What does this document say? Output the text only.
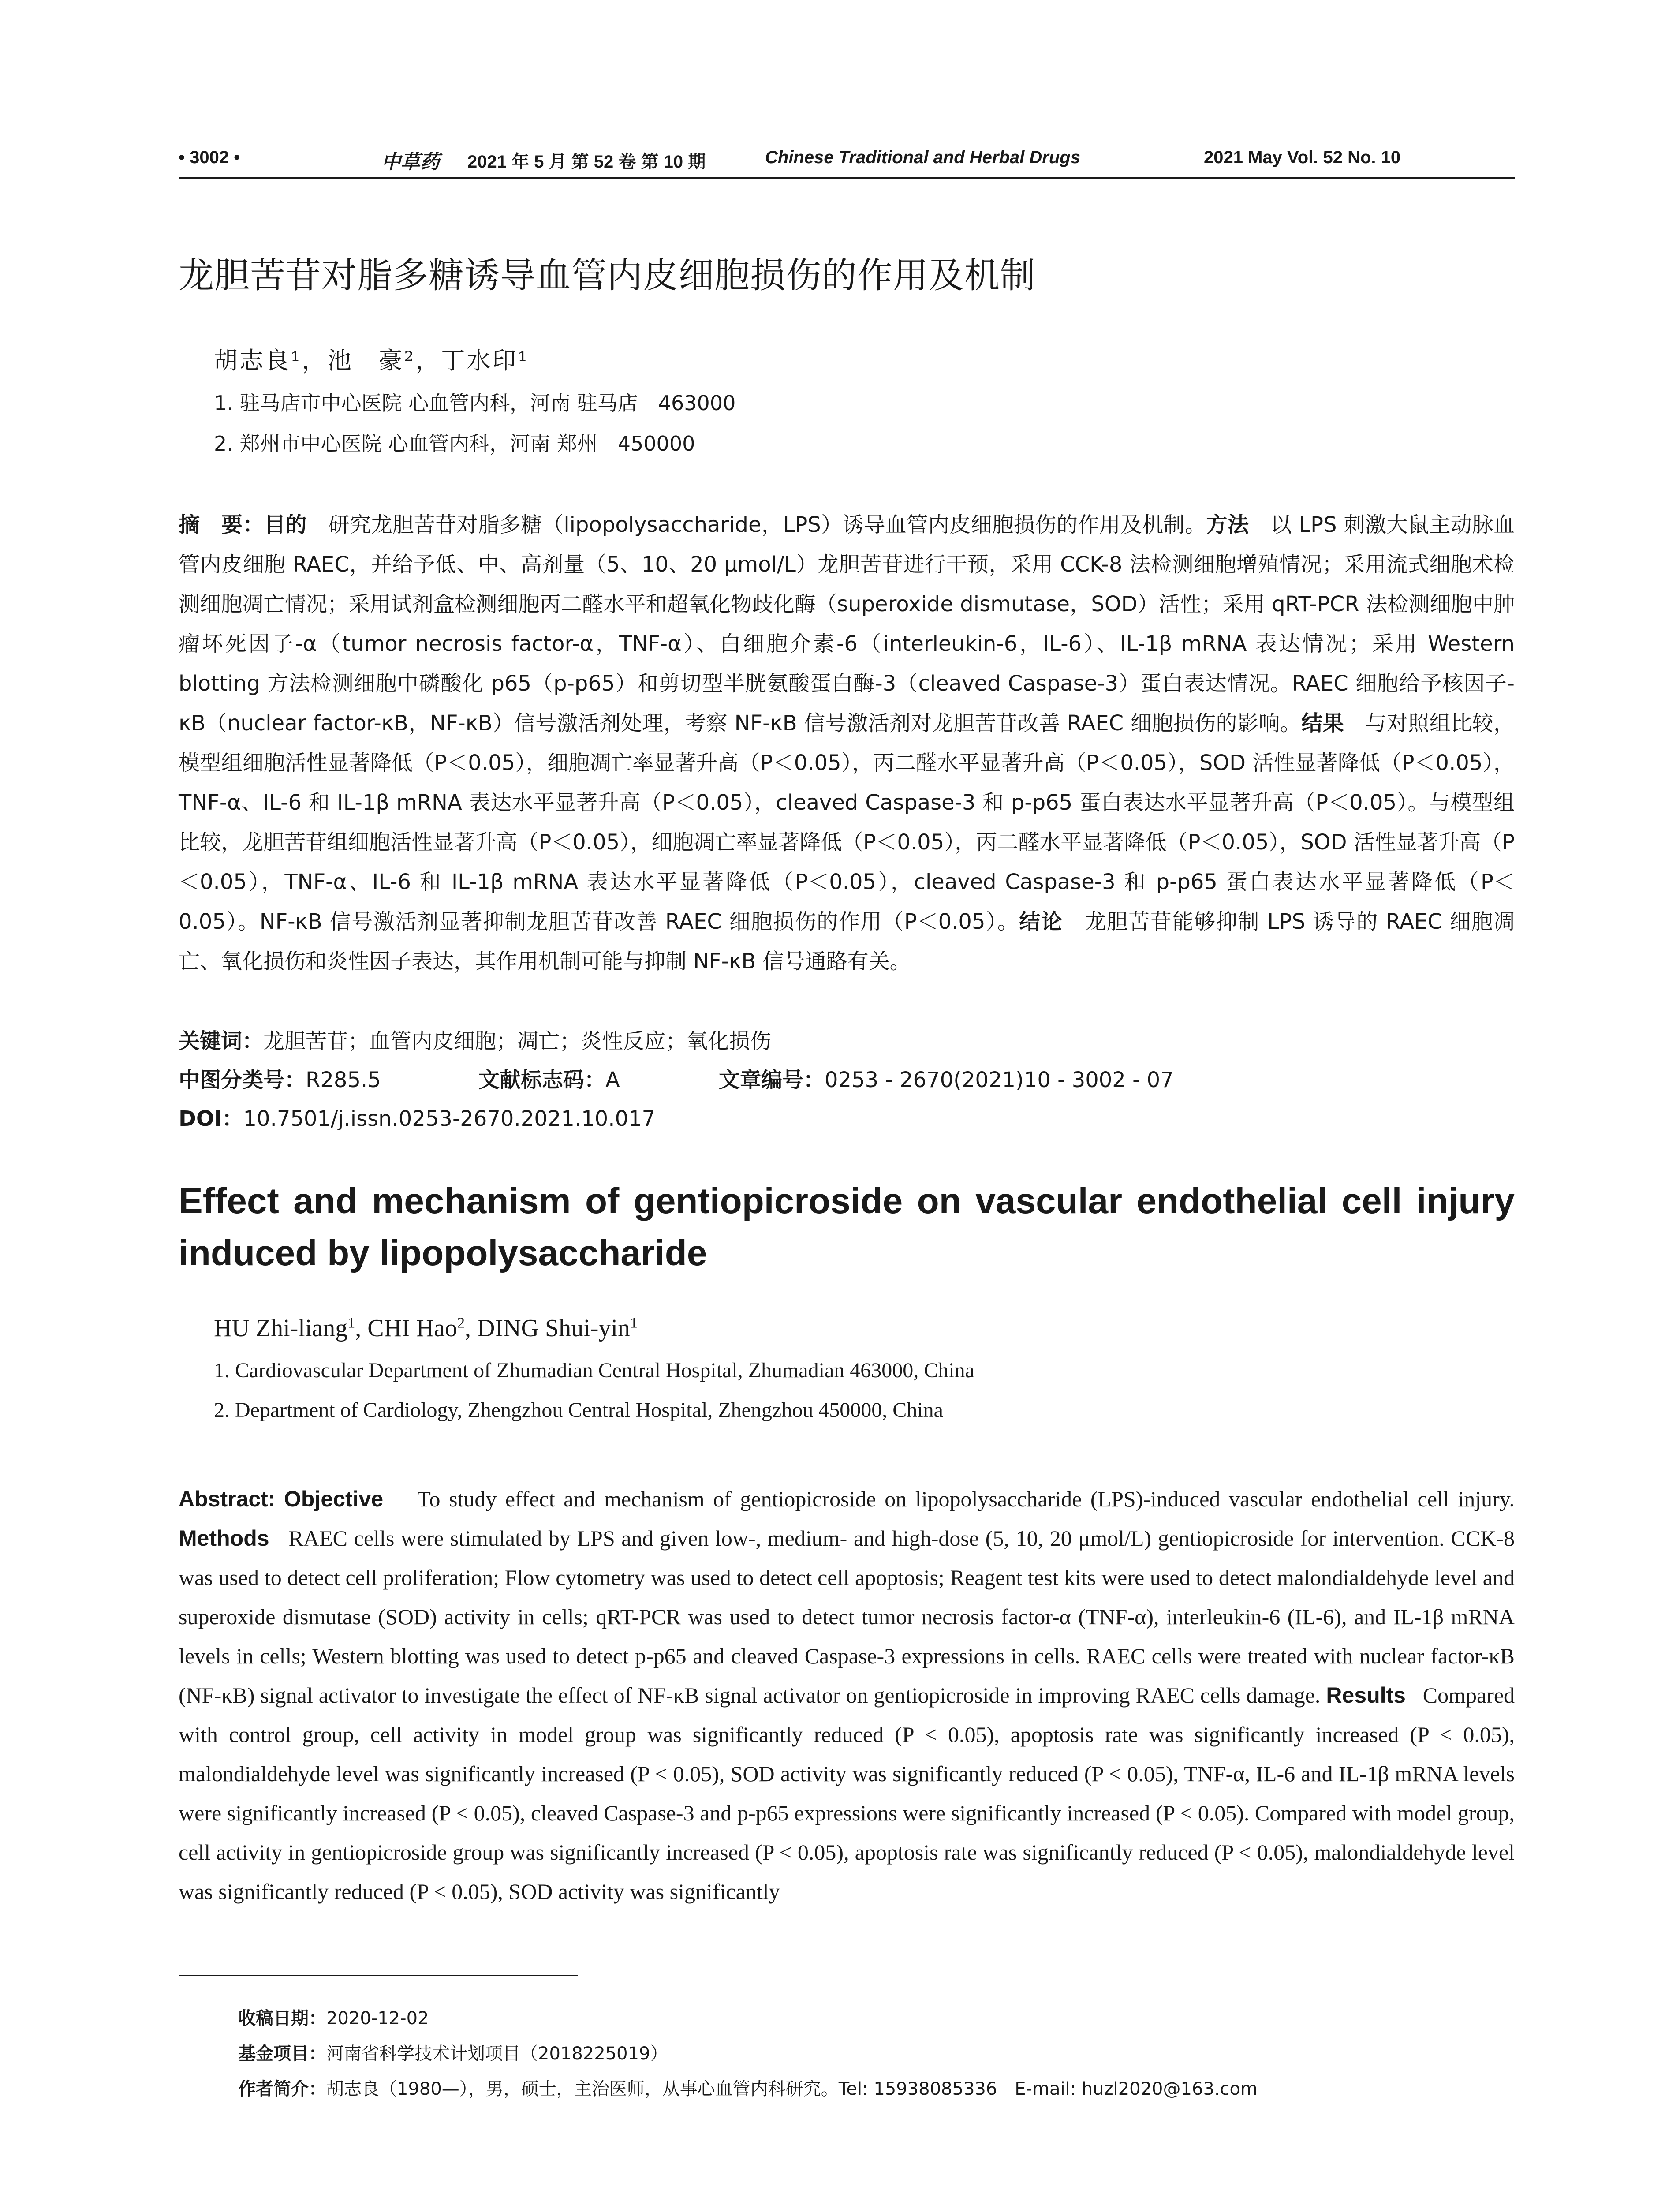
• 3002 •	中草药 2021 年 5 月 第 52 卷 第 10 期	Chinese Traditional and Herbal Drugs	2021 May Vol. 52 No. 10
龙胆苦苷对脂多糖诱导血管内皮细胞损伤的作用及机制
胡志良¹，池　豪²，丁水印¹
1. 驻马店市中心医院 心血管内科，河南 驻马店　463000
2. 郑州市中心医院 心血管内科，河南 郑州　450000
摘　要：目的　 研究龙胆苦苷对脂多糖（lipopolysaccharide，LPS）诱导血管内皮细胞损伤的作用及机制。方法　 以 LPS 刺激大鼠主动脉血管内皮细胞 RAEC，并给予低、中、高剂量（5、10、20 μmol/L）龙胆苦苷进行干预，采用 CCK-8 法检测细胞增殖情况；采用流式细胞术检测细胞凋亡情况；采用试剂盒检测细胞丙二醛水平和超氧化物歧化酶（superoxide dismutase，SOD）活性；采用 qRT-PCR 法检测细胞中肿瘤坏死因子-α（tumor necrosis factor-α，TNF-α）、白细胞介素-6（interleukin-6，IL-6）、IL-1β mRNA 表达情况；采用 Western blotting 方法检测细胞中磷酸化 p65（p-p65）和剪切型半胱氨酸蛋白酶-3（cleaved Caspase-3）蛋白表达情况。RAEC 细胞给予核因子-κB（nuclear factor-κB，NF-κB）信号激活剂处理，考察 NF-κB 信号激活剂对龙胆苦苷改善 RAEC 细胞损伤的影响。结果　 与对照组比较，模型组细胞活性显著降低（P＜0.05），细胞凋亡率显著升高（P＜0.05），丙二醛水平显著升高（P＜0.05），SOD 活性显著降低（P＜0.05），TNF-α、IL-6 和 IL-1β mRNA 表达水平显著升高（P＜0.05），cleaved Caspase-3 和 p-p65 蛋白表达水平显著升高（P＜0.05）。与模型组比较，龙胆苦苷组细胞活性显著升高（P＜0.05），细胞凋亡率显著降低（P＜0.05），丙二醛水平显著降低（P＜0.05），SOD 活性显著升高（P＜0.05），TNF-α、IL-6 和 IL-1β mRNA 表达水平显著降低（P＜0.05），cleaved Caspase-3 和 p-p65 蛋白表达水平显著降低（P＜0.05）。NF-κB 信号激活剂显著抑制龙胆苦苷改善 RAEC 细胞损伤的作用（P＜0.05）。结论　 龙胆苦苷能够抑制 LPS 诱导的 RAEC 细胞凋亡、氧化损伤和炎性因子表达，其作用机制可能与抑制 NF-κB 信号通路有关。
关键词：龙胆苦苷；血管内皮细胞；凋亡；炎性反应；氧化损伤
中图分类号：R285.5	文献标志码：A	文章编号：0253 - 2670(2021)10 - 3002 - 07
DOI：10.7501/j.issn.0253-2670.2021.10.017
Effect and mechanism of gentiopicroside on vascular endothelial cell injury
induced by lipopolysaccharide
HU Zhi-liang$^1$, CHI Hao$^2$, DING Shui-yin$^1$
1. Cardiovascular Department of Zhumadian Central Hospital, Zhumadian 463000, China
2. Department of Cardiology, Zhengzhou Central Hospital, Zhengzhou 450000, China
Abstract: Objective To study effect and mechanism of gentiopicroside on lipopolysaccharide (LPS)-induced vascular endothelial cell injury. Methods RAEC cells were stimulated by LPS and given low-, medium- and high-dose (5, 10, 20 μmol/L) gentiopicroside for intervention. CCK-8 was used to detect cell proliferation; Flow cytometry was used to detect cell apoptosis; Reagent test kits were used to detect malondialdehyde level and superoxide dismutase (SOD) activity in cells; qRT-PCR was used to detect tumor necrosis factor-α (TNF-α), interleukin-6 (IL-6), and IL-1β mRNA levels in cells; Western blotting was used to detect p-p65 and cleaved Caspase-3 expressions in cells. RAEC cells were treated with nuclear factor-κB (NF-κB) signal activator to investigate the effect of NF-κB signal activator on gentiopicroside in improving RAEC cells damage. Results Compared with control group, cell activity in model group was significantly reduced (P < 0.05), apoptosis rate was significantly increased (P < 0.05), malondialdehyde level was significantly increased (P < 0.05), SOD activity was significantly reduced (P < 0.05), TNF-α, IL-6 and IL-1β mRNA levels were significantly increased (P < 0.05), cleaved Caspase-3 and p-p65 expressions were significantly increased (P < 0.05). Compared with model group, cell activity in gentiopicroside group was significantly increased (P < 0.05), apoptosis rate was significantly reduced (P < 0.05), malondialdehyde level was significantly reduced (P < 0.05), SOD activity was significantly
收稿日期：2020-12-02
基金项目：河南省科学技术计划项目（2018225019）
作者简介：胡志良（1980—），男，硕士，主治医师，从事心血管内科研究。Tel: 15938085336　E-mail: huzl2020@163.com
